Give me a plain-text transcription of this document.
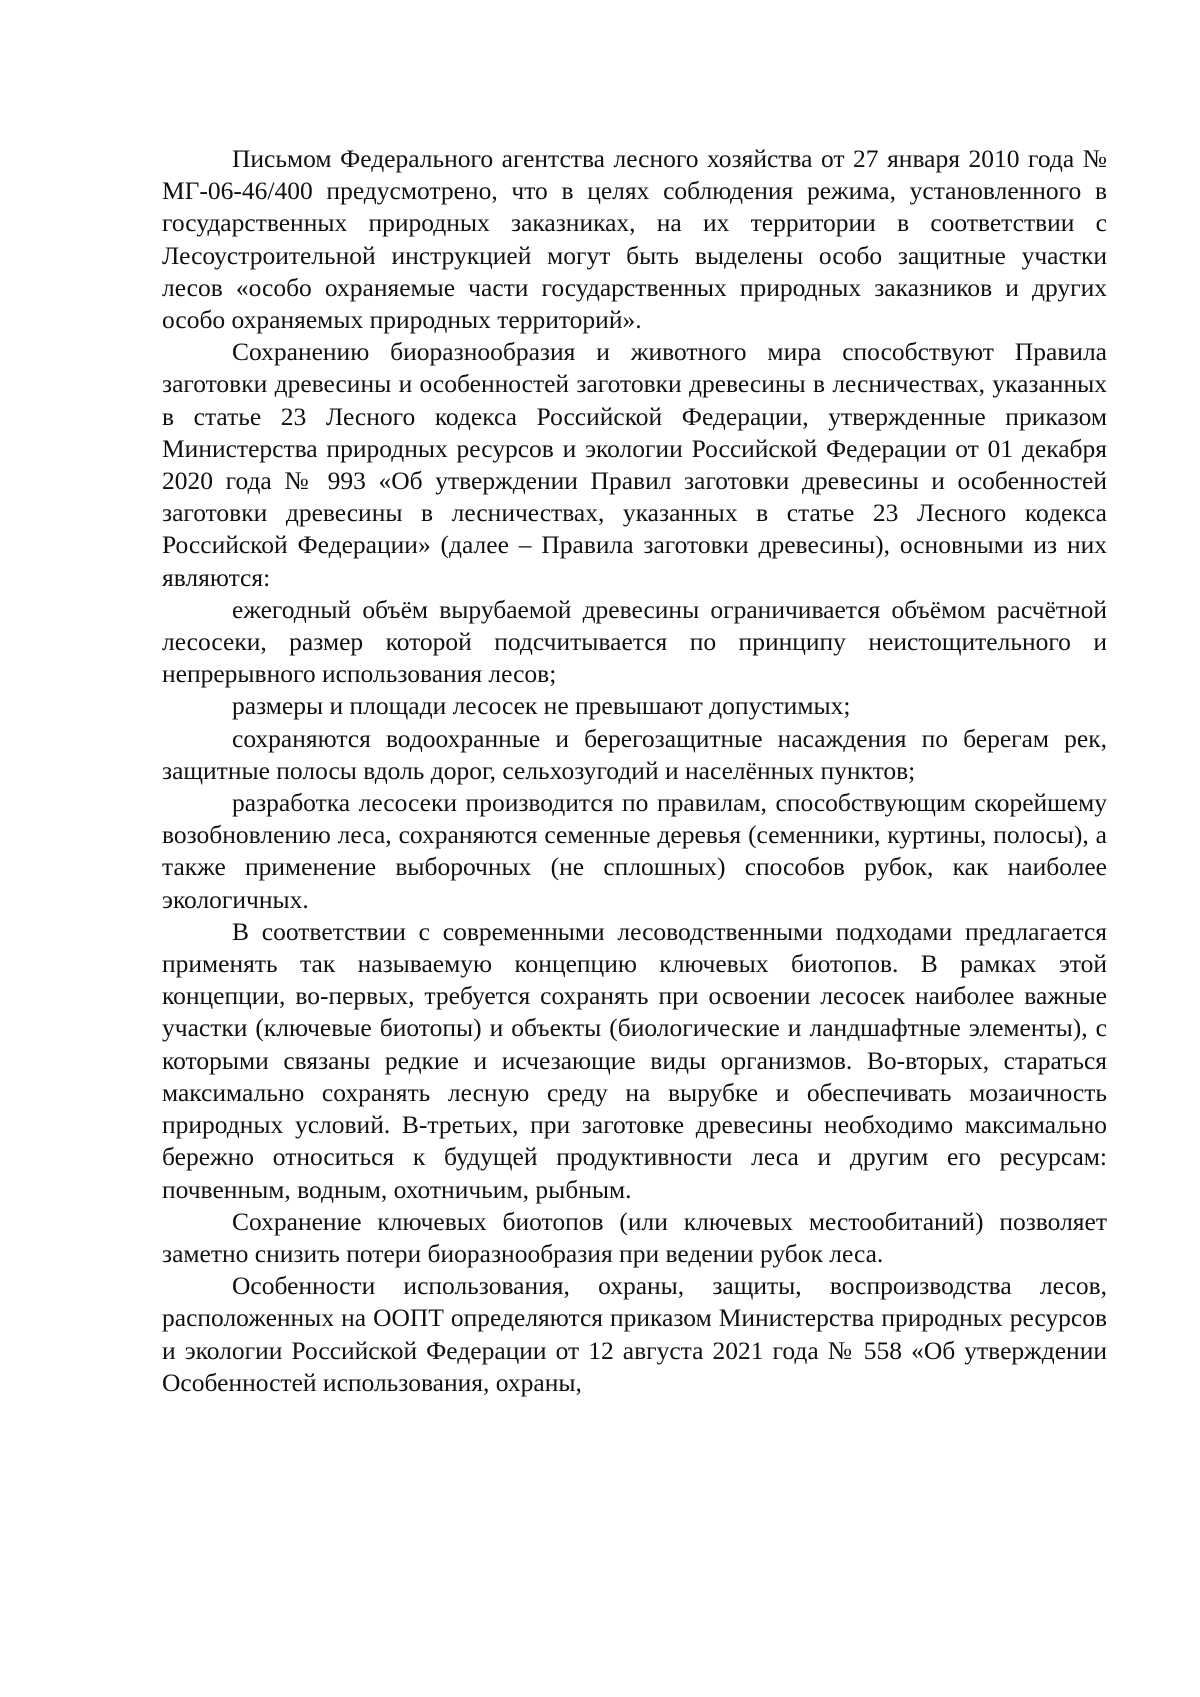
Письмом Федерального агентства лесного хозяйства от 27 января 2010 года № МГ-06-46/400 предусмотрено, что в целях соблюдения режима, установленного в государственных природных заказниках, на их территории в соответствии с Лесоустроительной инструкцией могут быть выделены особо защитные участки лесов «особо охраняемые части государственных природных заказников и других особо охраняемых природных территорий».

Сохранению биоразнообразия и животного мира способствуют Правила заготовки древесины и особенностей заготовки древесины в лесничествах, указанных в статье 23 Лесного кодекса Российской Федерации, утвержденные приказом Министерства природных ресурсов и экологии Российской Федерации от 01 декабря 2020 года № 993 «Об утверждении Правил заготовки древесины и особенностей заготовки древесины в лесничествах, указанных в статье 23 Лесного кодекса Российской Федерации» (далее – Правила заготовки древесины), основными из них являются:

ежегодный объём вырубаемой древесины ограничивается объёмом расчётной лесосеки, размер которой подсчитывается по принципу неистощительного и непрерывного использования лесов;

размеры и площади лесосек не превышают допустимых;

сохраняются водоохранные и берегозащитные насаждения по берегам рек, защитные полосы вдоль дорог, сельхозугодий и населённых пунктов;

разработка лесосеки производится по правилам, способствующим скорейшему возобновлению леса, сохраняются семенные деревья (семенники, куртины, полосы), а также применение выборочных (не сплошных) способов рубок, как наиболее экологичных.

В соответствии с современными лесоводственными подходами предлагается применять так называемую концепцию ключевых биотопов. В рамках этой концепции, во-первых, требуется сохранять при освоении лесосек наиболее важные участки (ключевые биотопы) и объекты (биологические и ландшафтные элементы), с которыми связаны редкие и исчезающие виды организмов. Во-вторых, стараться максимально сохранять лесную среду на вырубке и обеспечивать мозаичность природных условий. В-третьих, при заготовке древесины необходимо максимально бережно относиться к будущей продуктивности леса и другим его ресурсам: почвенным, водным, охотничьим, рыбным.

Сохранение ключевых биотопов (или ключевых местообитаний) позволяет заметно снизить потери биоразнообразия при ведении рубок леса.

Особенности использования, охраны, защиты, воспроизводства лесов, расположенных на ООПТ определяются приказом Министерства природных ресурсов и экологии Российской Федерации от 12 августа 2021 года № 558 «Об утверждении Особенностей использования, охраны,
